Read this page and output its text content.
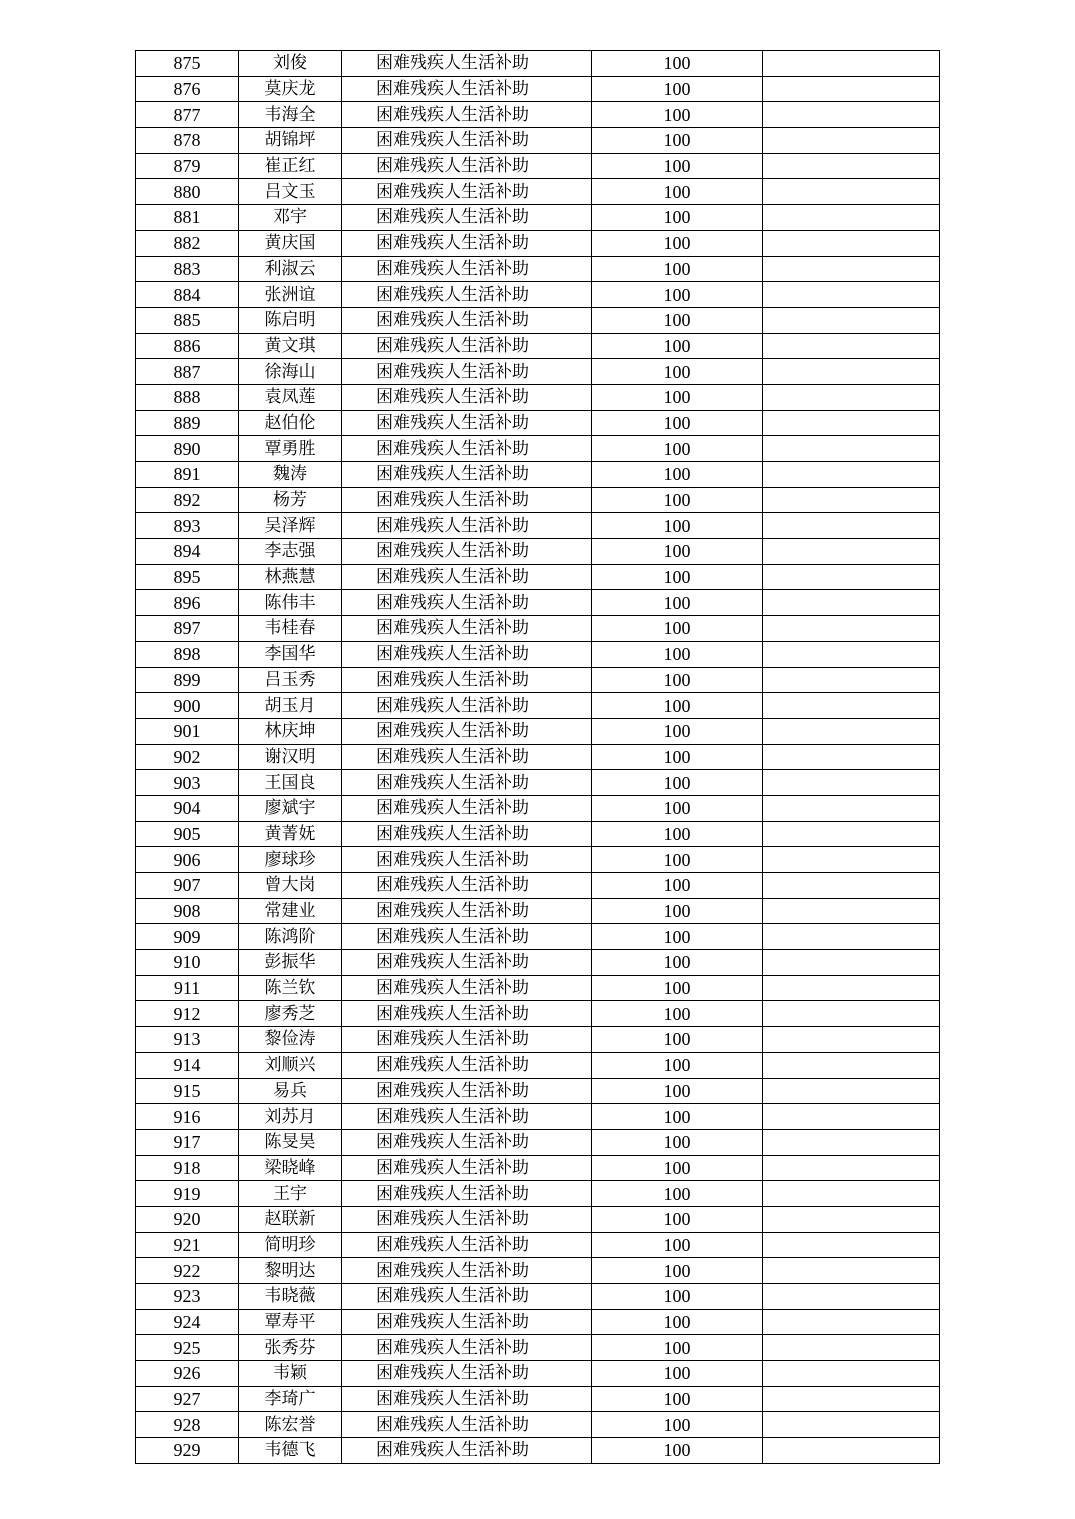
875	刘俊	困难残疾人生活补助	100	
876	莫庆龙	困难残疾人生活补助	100	
877	韦海全	困难残疾人生活补助	100	
878	胡锦坪	困难残疾人生活补助	100	
879	崔正红	困难残疾人生活补助	100	
880	吕文玉	困难残疾人生活补助	100	
881	邓宇	困难残疾人生活补助	100	
882	黄庆国	困难残疾人生活补助	100	
883	利淑云	困难残疾人生活补助	100	
884	张洲谊	困难残疾人生活补助	100	
885	陈启明	困难残疾人生活补助	100	
886	黄文琪	困难残疾人生活补助	100	
887	徐海山	困难残疾人生活补助	100	
888	袁凤莲	困难残疾人生活补助	100	
889	赵伯伦	困难残疾人生活补助	100	
890	覃勇胜	困难残疾人生活补助	100	
891	魏涛	困难残疾人生活补助	100	
892	杨芳	困难残疾人生活补助	100	
893	吴泽辉	困难残疾人生活补助	100	
894	李志强	困难残疾人生活补助	100	
895	林燕慧	困难残疾人生活补助	100	
896	陈伟丰	困难残疾人生活补助	100	
897	韦桂春	困难残疾人生活补助	100	
898	李国华	困难残疾人生活补助	100	
899	吕玉秀	困难残疾人生活补助	100	
900	胡玉月	困难残疾人生活补助	100	
901	林庆坤	困难残疾人生活补助	100	
902	谢汉明	困难残疾人生活补助	100	
903	王国良	困难残疾人生活补助	100	
904	廖斌宇	困难残疾人生活补助	100	
905	黄菁妩	困难残疾人生活补助	100	
906	廖球珍	困难残疾人生活补助	100	
907	曾大岗	困难残疾人生活补助	100	
908	常建业	困难残疾人生活补助	100	
909	陈鸿阶	困难残疾人生活补助	100	
910	彭振华	困难残疾人生活补助	100	
911	陈兰钦	困难残疾人生活补助	100	
912	廖秀芝	困难残疾人生活补助	100	
913	黎俭涛	困难残疾人生活补助	100	
914	刘顺兴	困难残疾人生活补助	100	
915	易兵	困难残疾人生活补助	100	
916	刘苏月	困难残疾人生活补助	100	
917	陈旻昊	困难残疾人生活补助	100	
918	梁晓峰	困难残疾人生活补助	100	
919	王宇	困难残疾人生活补助	100	
920	赵联新	困难残疾人生活补助	100	
921	简明珍	困难残疾人生活补助	100	
922	黎明达	困难残疾人生活补助	100	
923	韦晓薇	困难残疾人生活补助	100	
924	覃寿平	困难残疾人生活补助	100	
925	张秀芬	困难残疾人生活补助	100	
926	韦颖	困难残疾人生活补助	100	
927	李琦广	困难残疾人生活补助	100	
928	陈宏誉	困难残疾人生活补助	100	
929	韦德飞	困难残疾人生活补助	100	
